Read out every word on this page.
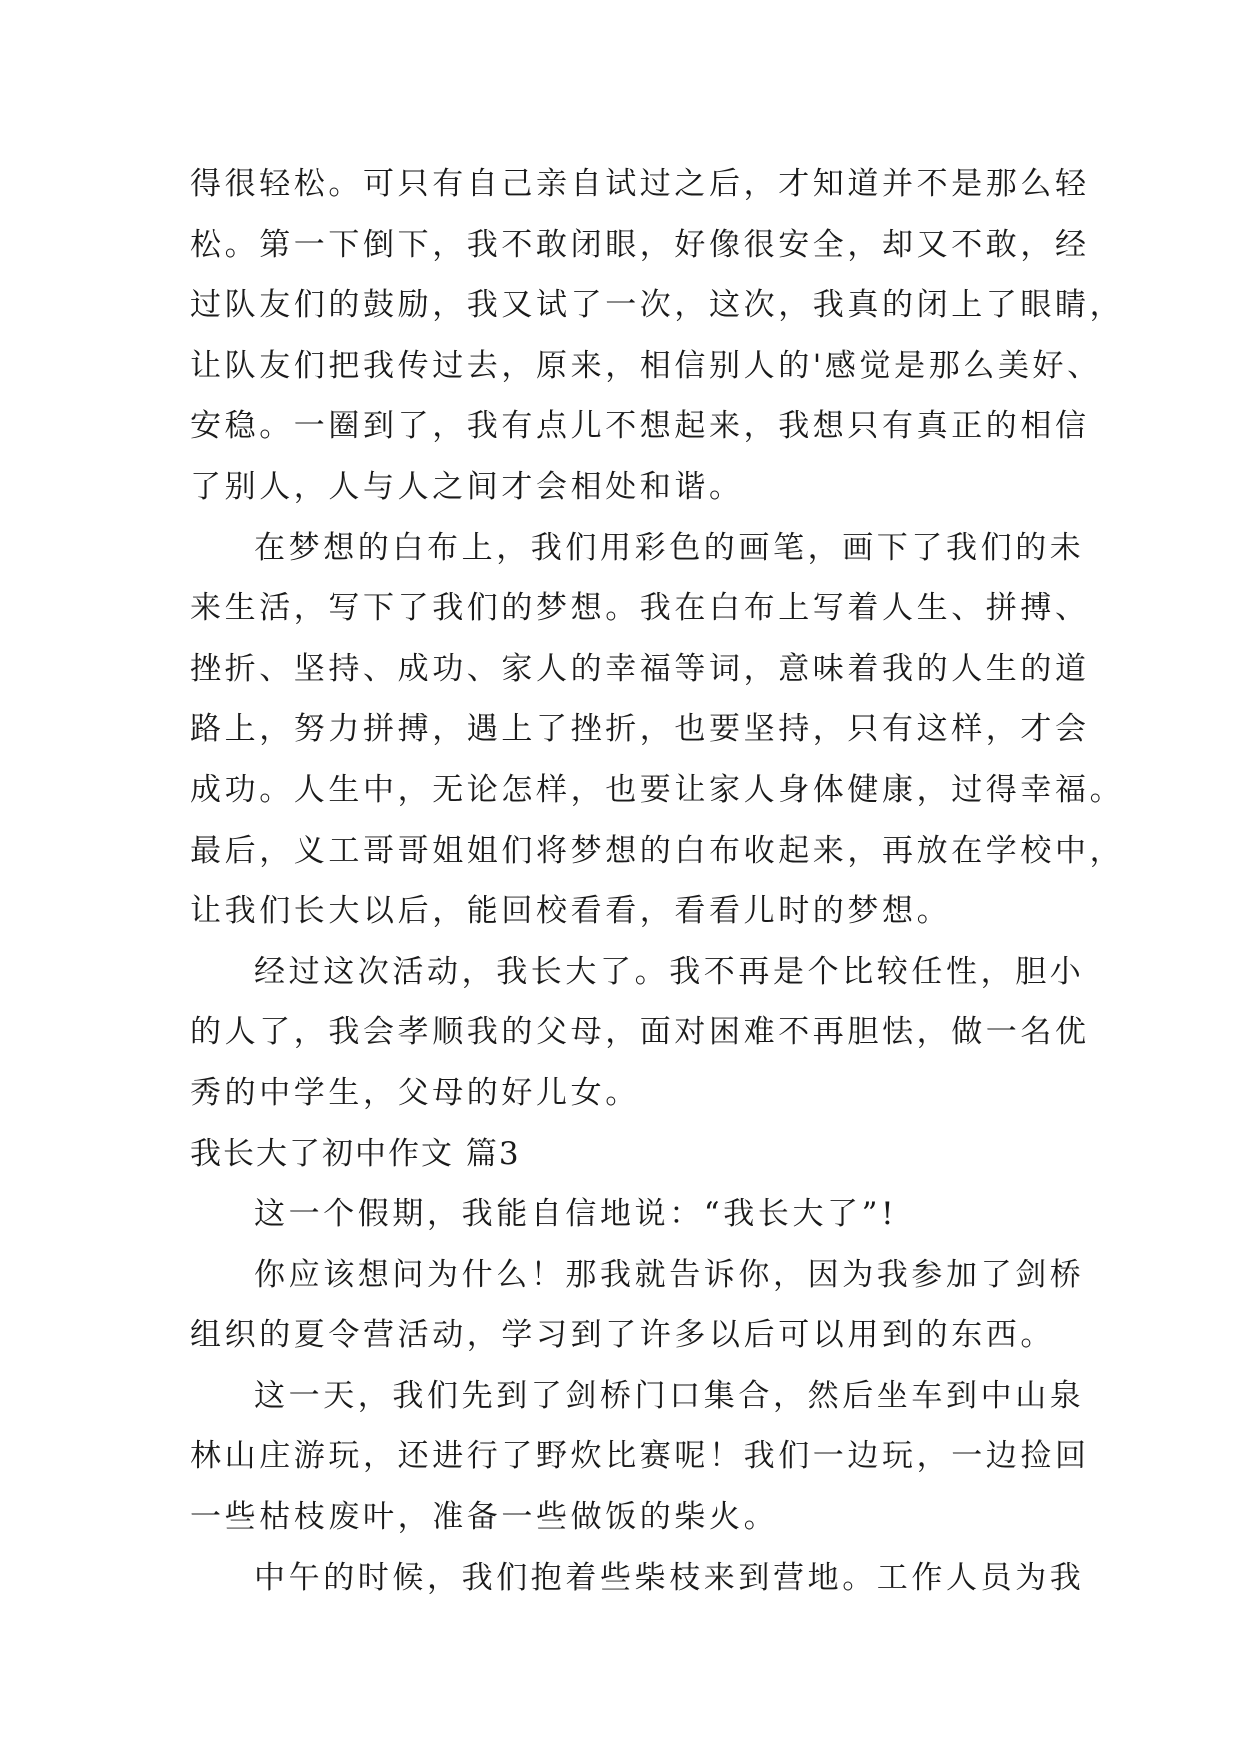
得很轻松。可只有自己亲自试过之后，才知道并不是那么轻
松。第一下倒下，我不敢闭眼，好像很安全，却又不敢，经
过队友们的鼓励，我又试了一次，这次，我真的闭上了眼睛，
让队友们把我传过去，原来，相信别人的'感觉是那么美好、
安稳。一圈到了，我有点儿不想起来，我想只有真正的相信
了别人，人与人之间才会相处和谐。
在梦想的白布上，我们用彩色的画笔，画下了我们的未
来生活，写下了我们的梦想。我在白布上写着人生、拼搏、
挫折、坚持、成功、家人的幸福等词，意味着我的人生的道
路上，努力拼搏，遇上了挫折，也要坚持，只有这样，才会
成功。人生中，无论怎样，也要让家人身体健康，过得幸福。
最后，义工哥哥姐姐们将梦想的白布收起来，再放在学校中，
让我们长大以后，能回校看看，看看儿时的梦想。
经过这次活动，我长大了。我不再是个比较任性，胆小
的人了，我会孝顺我的父母，面对困难不再胆怯，做一名优
秀的中学生，父母的好儿女。
我长大了初中作文 篇3
这一个假期，我能自信地说：“我长大了”!
你应该想问为什么！那我就告诉你，因为我参加了剑桥
组织的夏令营活动，学习到了许多以后可以用到的东西。
这一天，我们先到了剑桥门口集合，然后坐车到中山泉
林山庄游玩，还进行了野炊比赛呢！我们一边玩，一边捡回
一些枯枝废叶，准备一些做饭的柴火。
中午的时候，我们抱着些柴枝来到营地。工作人员为我
